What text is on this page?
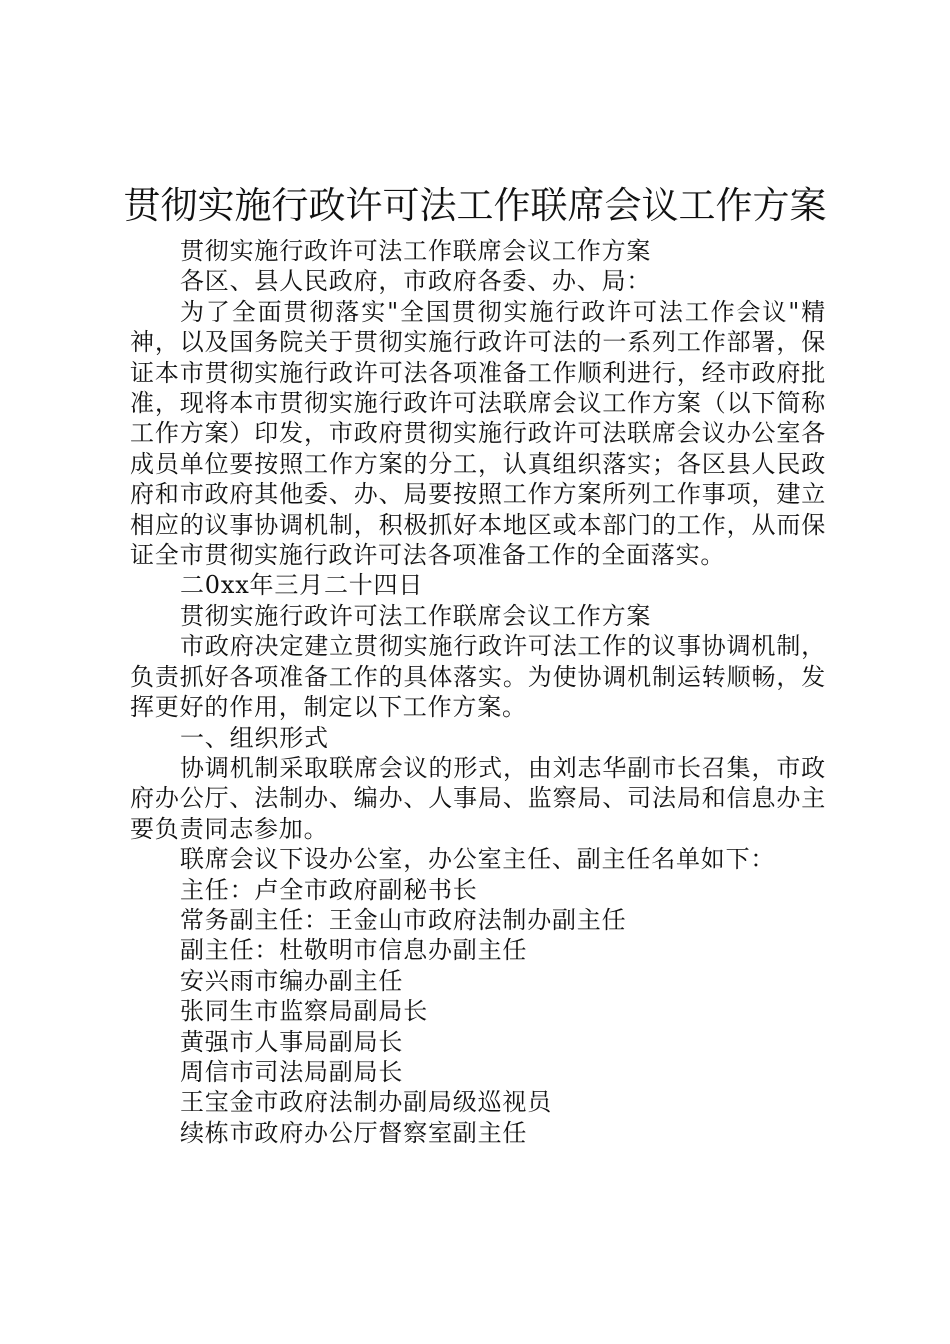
贯彻实施行政许可法工作联席会议工作方案

贯彻实施行政许可法工作联席会议工作方案

各区、县人民政府，市政府各委、办、局：

为了全面贯彻落实"全国贯彻实施行政许可法工作会议"精神，以及国务院关于贯彻实施行政许可法的一系列工作部署，保证本市贯彻实施行政许可法各项准备工作顺利进行，经市政府批准，现将本市贯彻实施行政许可法联席会议工作方案（以下简称工作方案）印发，市政府贯彻实施行政许可法联席会议办公室各成员单位要按照工作方案的分工，认真组织落实；各区县人民政府和市政府其他委、办、局要按照工作方案所列工作事项，建立相应的议事协调机制，积极抓好本地区或本部门的工作，从而保证全市贯彻实施行政许可法各项准备工作的全面落实。

二0xx年三月二十四日

贯彻实施行政许可法工作联席会议工作方案

市政府决定建立贯彻实施行政许可法工作的议事协调机制，负责抓好各项准备工作的具体落实。为使协调机制运转顺畅，发挥更好的作用，制定以下工作方案。

一、组织形式

协调机制采取联席会议的形式，由刘志华副市长召集，市政府办公厅、法制办、编办、人事局、监察局、司法局和信息办主要负责同志参加。

联席会议下设办公室，办公室主任、副主任名单如下：

主任：卢全市政府副秘书长

常务副主任：王金山市政府法制办副主任

副主任：杜敬明市信息办副主任

安兴雨市编办副主任

张同生市监察局副局长

黄强市人事局副局长

周信市司法局副局长

王宝金市政府法制办副局级巡视员

续栋市政府办公厅督察室副主任
